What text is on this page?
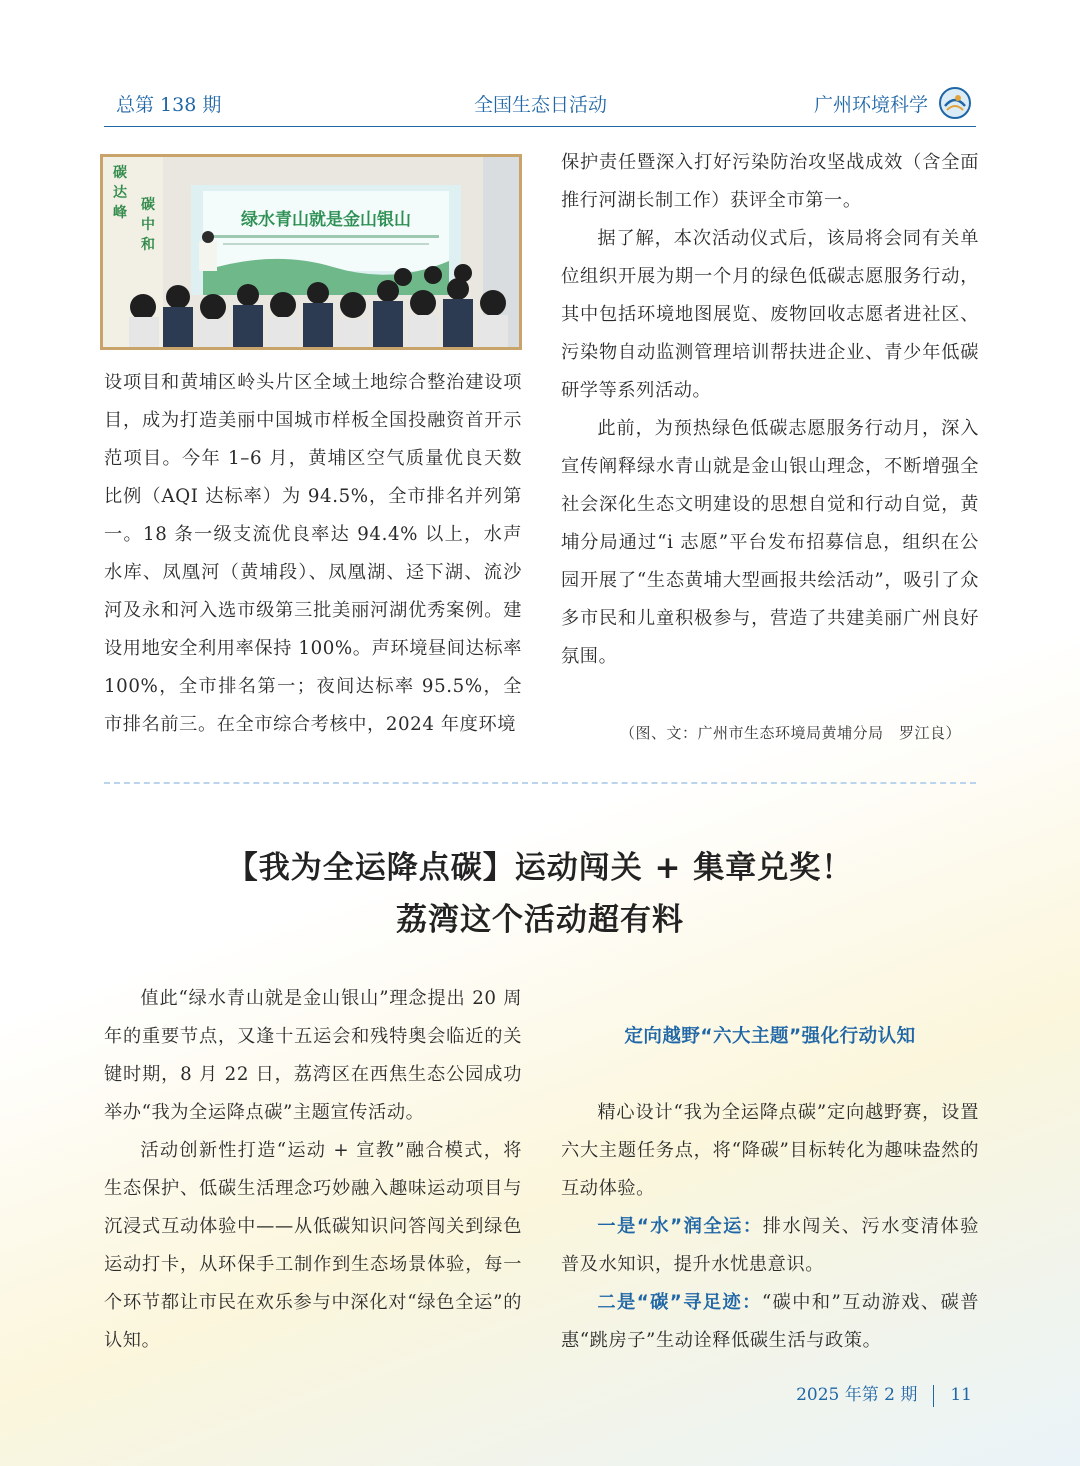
总第 138 期	全国生态日活动	广州环境科学
碳
达
峰 碳
中
和
绿水青山就是金山银山

设项目和黄埔区岭头片区全域土地综合整治建设项目，成为打造美丽中国城市样板全国投融资首开示范项目。今年 1–6 月，黄埔区空气质量优良天数比例（AQI 达标率）为 94.5%，全市排名并列第一。18 条一级支流优良率达 94.4% 以上，水声水库、凤凰河（黄埔段）、凤凰湖、迳下湖、流沙河及永和河入选市级第三批美丽河湖优秀案例。建设用地安全利用率保持 100%。声环境昼间达标率 100%，全市排名第一；夜间达标率 95.5%，全市排名前三。在全市综合考核中，2024 年度环境

保护责任暨深入打好污染防治攻坚战成效（含全面推行河湖长制工作）获评全市第一。

据了解，本次活动仪式后，该局将会同有关单位组织开展为期一个月的绿色低碳志愿服务行动，其中包括环境地图展览、废物回收志愿者进社区、污染物自动监测管理培训帮扶进企业、青少年低碳研学等系列活动。

此前，为预热绿色低碳志愿服务行动月，深入宣传阐释绿水青山就是金山银山理念，不断增强全社会深化生态文明建设的思想自觉和行动自觉，黄埔分局通过“i 志愿”平台发布招募信息，组织在公园开展了“生态黄埔大型画报共绘活动”，吸引了众多市民和儿童积极参与，营造了共建美丽广州良好氛围。

（图、文：广州市生态环境局黄埔分局　罗江良）
【我为全运降点碳】运动闯关 + 集章兑奖！
荔湾这个活动超有料

值此“绿水青山就是金山银山”理念提出 20 周年的重要节点，又逢十五运会和残特奥会临近的关键时期，8 月 22 日，荔湾区在西焦生态公园成功举办“我为全运降点碳”主题宣传活动。

活动创新性打造“运动 + 宣教”融合模式，将生态保护、低碳生活理念巧妙融入趣味运动项目与沉浸式互动体验中——从低碳知识问答闯关到绿色运动打卡，从环保手工制作到生态场景体验，每一个环节都让市民在欢乐参与中深化对“绿色全运”的认知。

定向越野“六大主题”强化行动认知

精心设计“我为全运降点碳”定向越野赛，设置六大主题任务点，将“降碳”目标转化为趣味盎然的互动体验。

一是“水”润全运：排水闯关、污水变清体验普及水知识，提升水忧患意识。

二是“碳”寻足迹：“碳中和”互动游戏、碳普惠“跳房子”生动诠释低碳生活与政策。

2025 年第 2 期 11
